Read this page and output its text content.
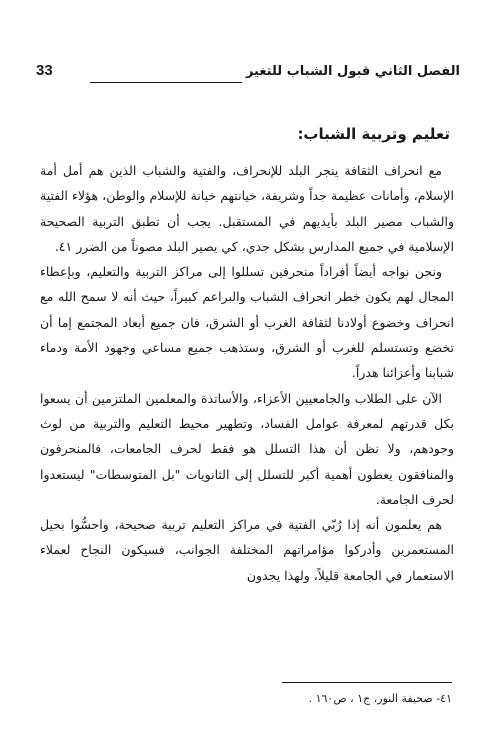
الفصل الثاني قبول الشباب للتغير
33
تعليم وتربية الشباب:

مع انحراف الثقافة ينجر البلد للإنحراف، والفتية والشباب الذين هم أمل أمة الإسلام، وأمانات عظيمة جداً وشريفة، خيانتهم خيانة للإسلام والوطن، هؤلاء الفتية والشباب مصير البلد بأيديهم في المستقبل. يجب أن تطبق التربية الصحيحة الإسلامية في جميع المدارس بشكل جدي، كي يصير البلد مصوناً من الضرر ٤١.

ونحن نواجه أيضاً أفراداً منحرفين تسللوا إلى مراكز التربية والتعليم، وبإعطاء المجال لهم يكون خطر انحراف الشباب والبراعم كبيراً، حيث أنه لا سمح الله مع انحراف وخضوع أولادنا لثقافة الغرب أو الشرق، فان جميع أبعاد المجتمع إما أن تخضع وتستسلم للغرب أو الشرق، وستذهب جميع مساعي وجهود الأمة ودماء شبابنا وأعزائنا هدراً.

الآن على الطلاب والجامعيين الأعزاء، والأساتذة والمعلمين الملتزمين أن يسعوا بكل قدرتهم لمعرفة عوامل الفساد، وتطهير محيط التعليم والتربية من لوث وجودهم، ولا نظن أن هذا التسلل هو فقط لحرف الجامعات، فالمنحرفون والمنافقون يعطون أهمية أكبر للتسلل إلى الثانويات "بل المتوسطات" ليستعدوا لحرف الجامعة.

هم يعلمون أنه إذا رُبّي الفتية في مراكز التعليم تربية صحيحة، واحسُّوا بحيل المستعمرين وأدركوا مؤامراتهم المختلفة الجوانب، فسيكون النجاح لعملاء الاستعمار في الجامعة قليلاً، ولهذا يجدون

٤١- صحيفة النور، ج١ ، ص١٦٠ .
